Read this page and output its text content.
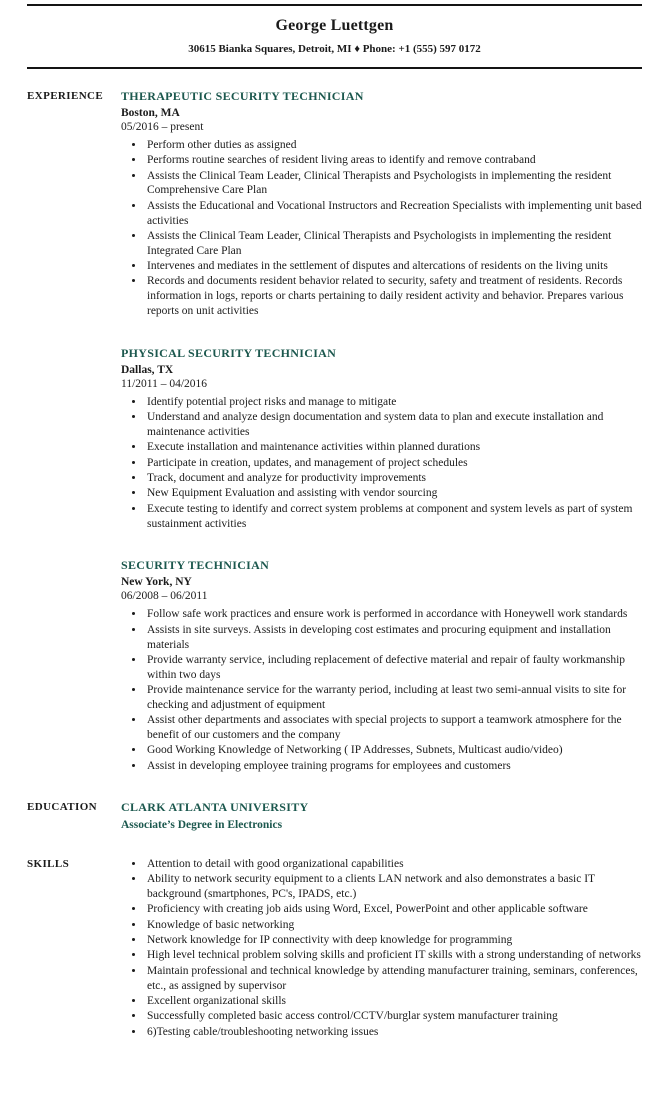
George Luettgen
30615 Bianka Squares, Detroit, MI ♦ Phone: +1 (555) 597 0172
EXPERIENCE	THERAPEUTIC SECURITY TECHNICIAN
Boston, MA
05/2016 – present
• Perform other duties as assigned
• Performs routine searches of resident living areas to identify and remove contraband
• Assists the Clinical Team Leader, Clinical Therapists and Psychologists in implementing the resident Comprehensive Care Plan
• Assists the Educational and Vocational Instructors and Recreation Specialists with implementing unit based activities
• Assists the Clinical Team Leader, Clinical Therapists and Psychologists in implementing the resident Integrated Care Plan
• Intervenes and mediates in the settlement of disputes and altercations of residents on the living units
• Records and documents resident behavior related to security, safety and treatment of residents. Records information in logs, reports or charts pertaining to daily resident activity and behavior. Prepares various reports on unit activities
PHYSICAL SECURITY TECHNICIAN
Dallas, TX
11/2011 – 04/2016
• Identify potential project risks and manage to mitigate
• Understand and analyze design documentation and system data to plan and execute installation and maintenance activities
• Execute installation and maintenance activities within planned durations
• Participate in creation, updates, and management of project schedules
• Track, document and analyze for productivity improvements
• New Equipment Evaluation and assisting with vendor sourcing
• Execute testing to identify and correct system problems at component and system levels as part of system sustainment activities
SECURITY TECHNICIAN
New York, NY
06/2008 – 06/2011
• Follow safe work practices and ensure work is performed in accordance with Honeywell work standards
• Assists in site surveys. Assists in developing cost estimates and procuring equipment and installation materials
• Provide warranty service, including replacement of defective material and repair of faulty workmanship within two days
• Provide maintenance service for the warranty period, including at least two semi-annual visits to site for checking and adjustment of equipment
• Assist other departments and associates with special projects to support a teamwork atmosphere for the benefit of our customers and the company
• Good Working Knowledge of Networking ( IP Addresses, Subnets, Multicast audio/video)
• Assist in developing employee training programs for employees and customers
EDUCATION	CLARK ATLANTA UNIVERSITY
Associate’s Degree in Electronics
SKILLS	• Attention to detail with good organizational capabilities
• Ability to network security equipment to a clients LAN network and also demonstrates a basic IT background (smartphones, PC's, IPADS, etc.)
• Proficiency with creating job aids using Word, Excel, PowerPoint and other applicable software
• Knowledge of basic networking
• Network knowledge for IP connectivity with deep knowledge for programming
• High level technical problem solving skills and proficient IT skills with a strong understanding of networks
• Maintain professional and technical knowledge by attending manufacturer training, seminars, conferences, etc., as assigned by supervisor
• Excellent organizational skills
• Successfully completed basic access control/CCTV/burglar system manufacturer training
• 6)Testing cable/troubleshooting networking issues
